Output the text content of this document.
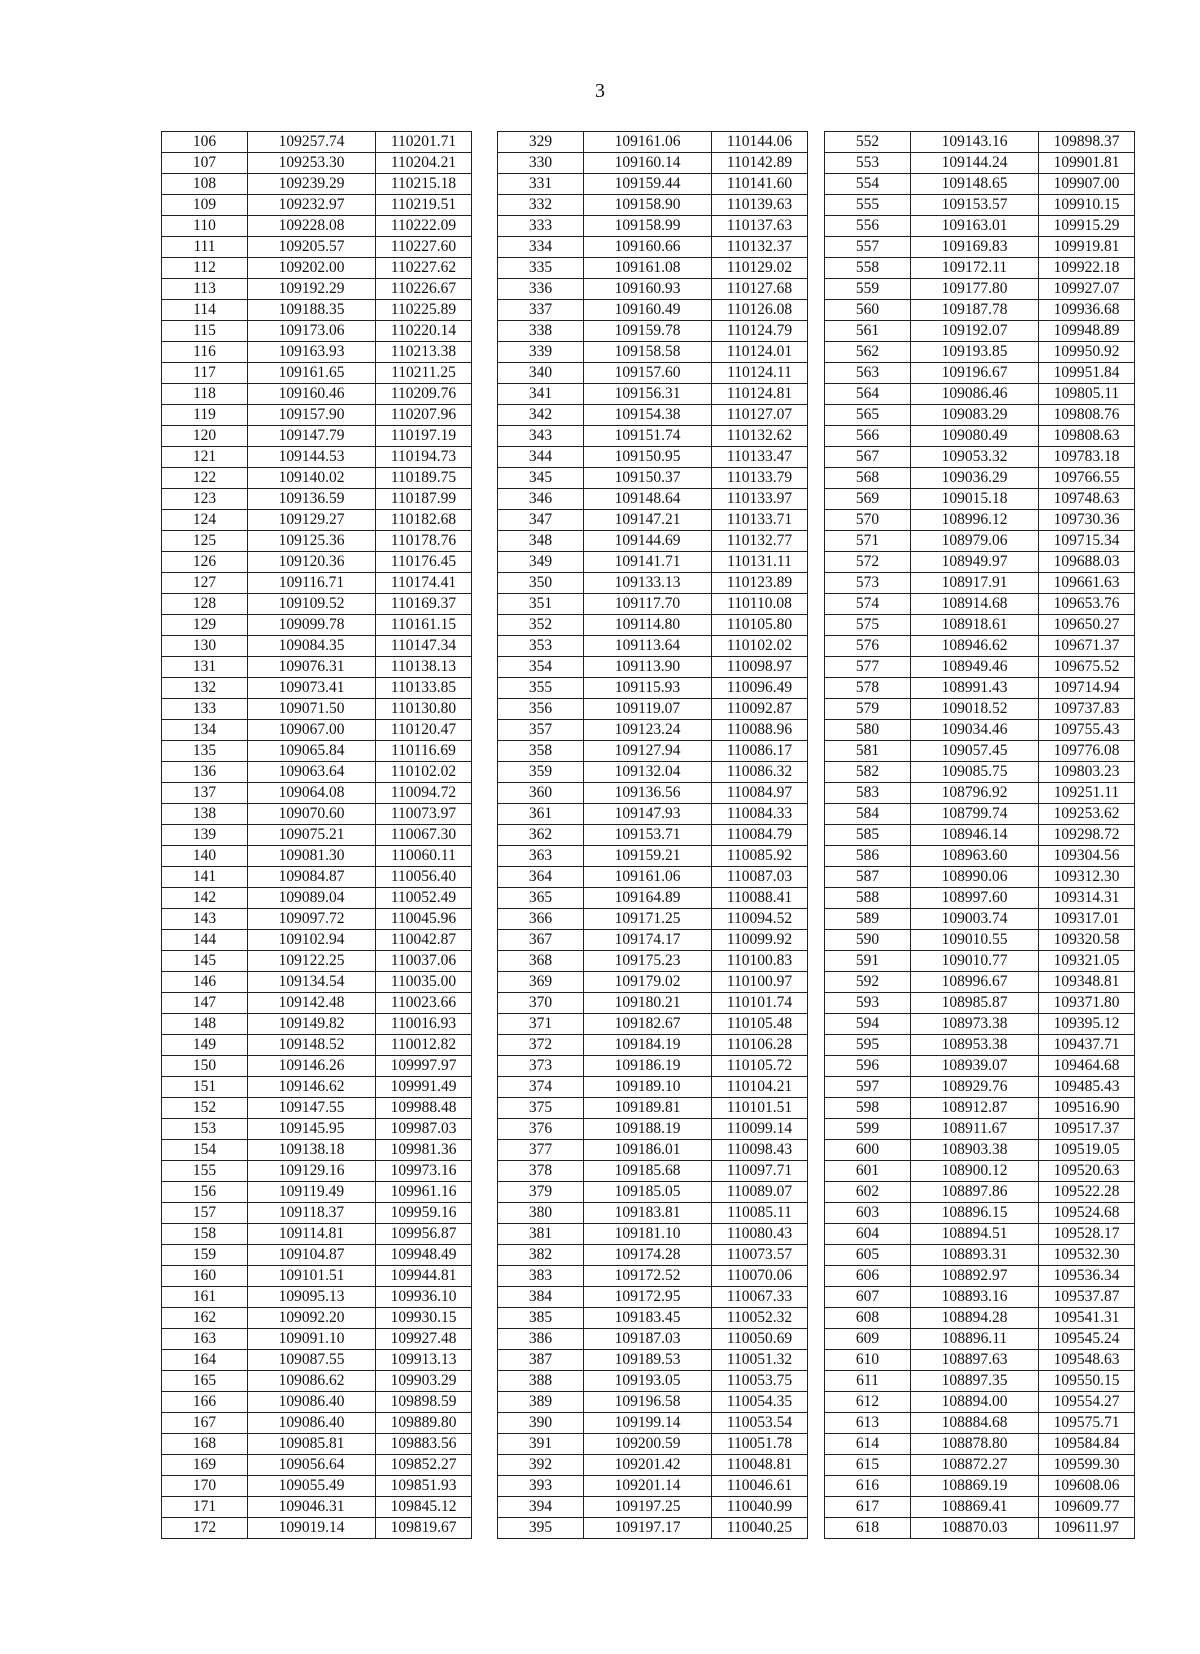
3
106	109257.74	110201.71
107	109253.30	110204.21
108	109239.29	110215.18
109	109232.97	110219.51
110	109228.08	110222.09
111	109205.57	110227.60
112	109202.00	110227.62
113	109192.29	110226.67
114	109188.35	110225.89
115	109173.06	110220.14
116	109163.93	110213.38
117	109161.65	110211.25
118	109160.46	110209.76
119	109157.90	110207.96
120	109147.79	110197.19
121	109144.53	110194.73
122	109140.02	110189.75
123	109136.59	110187.99
124	109129.27	110182.68
125	109125.36	110178.76
126	109120.36	110176.45
127	109116.71	110174.41
128	109109.52	110169.37
129	109099.78	110161.15
130	109084.35	110147.34
131	109076.31	110138.13
132	109073.41	110133.85
133	109071.50	110130.80
134	109067.00	110120.47
135	109065.84	110116.69
136	109063.64	110102.02
137	109064.08	110094.72
138	109070.60	110073.97
139	109075.21	110067.30
140	109081.30	110060.11
141	109084.87	110056.40
142	109089.04	110052.49
143	109097.72	110045.96
144	109102.94	110042.87
145	109122.25	110037.06
146	109134.54	110035.00
147	109142.48	110023.66
148	109149.82	110016.93
149	109148.52	110012.82
150	109146.26	109997.97
151	109146.62	109991.49
152	109147.55	109988.48
153	109145.95	109987.03
154	109138.18	109981.36
155	109129.16	109973.16
156	109119.49	109961.16
157	109118.37	109959.16
158	109114.81	109956.87
159	109104.87	109948.49
160	109101.51	109944.81
161	109095.13	109936.10
162	109092.20	109930.15
163	109091.10	109927.48
164	109087.55	109913.13
165	109086.62	109903.29
166	109086.40	109898.59
167	109086.40	109889.80
168	109085.81	109883.56
169	109056.64	109852.27
170	109055.49	109851.93
171	109046.31	109845.12
172	109019.14	109819.67
329	109161.06	110144.06
330	109160.14	110142.89
331	109159.44	110141.60
332	109158.90	110139.63
333	109158.99	110137.63
334	109160.66	110132.37
335	109161.08	110129.02
336	109160.93	110127.68
337	109160.49	110126.08
338	109159.78	110124.79
339	109158.58	110124.01
340	109157.60	110124.11
341	109156.31	110124.81
342	109154.38	110127.07
343	109151.74	110132.62
344	109150.95	110133.47
345	109150.37	110133.79
346	109148.64	110133.97
347	109147.21	110133.71
348	109144.69	110132.77
349	109141.71	110131.11
350	109133.13	110123.89
351	109117.70	110110.08
352	109114.80	110105.80
353	109113.64	110102.02
354	109113.90	110098.97
355	109115.93	110096.49
356	109119.07	110092.87
357	109123.24	110088.96
358	109127.94	110086.17
359	109132.04	110086.32
360	109136.56	110084.97
361	109147.93	110084.33
362	109153.71	110084.79
363	109159.21	110085.92
364	109161.06	110087.03
365	109164.89	110088.41
366	109171.25	110094.52
367	109174.17	110099.92
368	109175.23	110100.83
369	109179.02	110100.97
370	109180.21	110101.74
371	109182.67	110105.48
372	109184.19	110106.28
373	109186.19	110105.72
374	109189.10	110104.21
375	109189.81	110101.51
376	109188.19	110099.14
377	109186.01	110098.43
378	109185.68	110097.71
379	109185.05	110089.07
380	109183.81	110085.11
381	109181.10	110080.43
382	109174.28	110073.57
383	109172.52	110070.06
384	109172.95	110067.33
385	109183.45	110052.32
386	109187.03	110050.69
387	109189.53	110051.32
388	109193.05	110053.75
389	109196.58	110054.35
390	109199.14	110053.54
391	109200.59	110051.78
392	109201.42	110048.81
393	109201.14	110046.61
394	109197.25	110040.99
395	109197.17	110040.25
552	109143.16	109898.37
553	109144.24	109901.81
554	109148.65	109907.00
555	109153.57	109910.15
556	109163.01	109915.29
557	109169.83	109919.81
558	109172.11	109922.18
559	109177.80	109927.07
560	109187.78	109936.68
561	109192.07	109948.89
562	109193.85	109950.92
563	109196.67	109951.84
564	109086.46	109805.11
565	109083.29	109808.76
566	109080.49	109808.63
567	109053.32	109783.18
568	109036.29	109766.55
569	109015.18	109748.63
570	108996.12	109730.36
571	108979.06	109715.34
572	108949.97	109688.03
573	108917.91	109661.63
574	108914.68	109653.76
575	108918.61	109650.27
576	108946.62	109671.37
577	108949.46	109675.52
578	108991.43	109714.94
579	109018.52	109737.83
580	109034.46	109755.43
581	109057.45	109776.08
582	109085.75	109803.23
583	108796.92	109251.11
584	108799.74	109253.62
585	108946.14	109298.72
586	108963.60	109304.56
587	108990.06	109312.30
588	108997.60	109314.31
589	109003.74	109317.01
590	109010.55	109320.58
591	109010.77	109321.05
592	108996.67	109348.81
593	108985.87	109371.80
594	108973.38	109395.12
595	108953.38	109437.71
596	108939.07	109464.68
597	108929.76	109485.43
598	108912.87	109516.90
599	108911.67	109517.37
600	108903.38	109519.05
601	108900.12	109520.63
602	108897.86	109522.28
603	108896.15	109524.68
604	108894.51	109528.17
605	108893.31	109532.30
606	108892.97	109536.34
607	108893.16	109537.87
608	108894.28	109541.31
609	108896.11	109545.24
610	108897.63	109548.63
611	108897.35	109550.15
612	108894.00	109554.27
613	108884.68	109575.71
614	108878.80	109584.84
615	108872.27	109599.30
616	108869.19	109608.06
617	108869.41	109609.77
618	108870.03	109611.97
